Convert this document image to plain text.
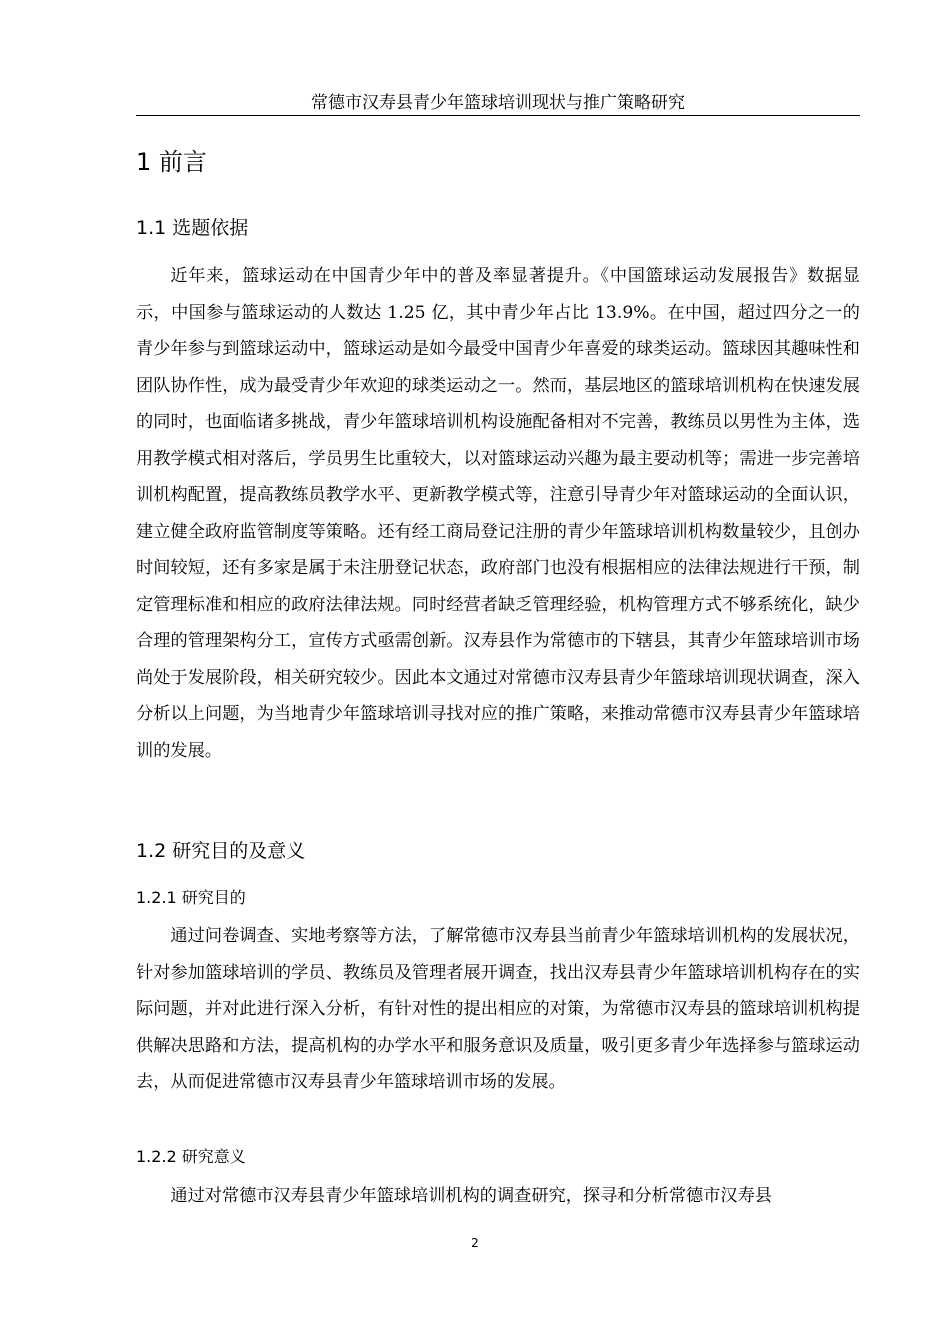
常德市汉寿县青少年篮球培训现状与推广策略研究
1 前言
1.1 选题依据

近年来，篮球运动在中国青少年中的普及率显著提升。《中国篮球运动发展报告》数据显示，中国参与篮球运动的人数达 1.25 亿，其中青少年占比 13.9%。在中国，超过四分之一的青少年参与到篮球运动中，篮球运动是如今最受中国青少年喜爱的球类运动。篮球因其趣味性和团队协作性，成为最受青少年欢迎的球类运动之一。然而，基层地区的篮球培训机构在快速发展的同时，也面临诸多挑战，青少年篮球培训机构设施配备相对不完善，教练员以男性为主体，选用教学模式相对落后，学员男生比重较大，以对篮球运动兴趣为最主要动机等；需进一步完善培训机构配置，提高教练员教学水平、更新教学模式等，注意引导青少年对篮球运动的全面认识，建立健全政府监管制度等策略。还有经工商局登记注册的青少年篮球培训机构数量较少，且创办时间较短，还有多家是属于未注册登记状态，政府部门也没有根据相应的法律法规进行干预，制定管理标准和相应的政府法律法规。同时经营者缺乏管理经验，机构管理方式不够系统化，缺少合理的管理架构分工，宣传方式亟需创新。汉寿县作为常德市的下辖县，其青少年篮球培训市场尚处于发展阶段，相关研究较少。因此本文通过对常德市汉寿县青少年篮球培训现状调查，深入分析以上问题，为当地青少年篮球培训寻找对应的推广策略，来推动常德市汉寿县青少年篮球培训的发展。

1.2 研究目的及意义
1.2.1 研究目的

通过问卷调查、实地考察等方法，了解常德市汉寿县当前青少年篮球培训机构的发展状况，针对参加篮球培训的学员、教练员及管理者展开调查，找出汉寿县青少年篮球培训机构存在的实际问题，并对此进行深入分析，有针对性的提出相应的对策，为常德市汉寿县的篮球培训机构提供解决思路和方法，提高机构的办学水平和服务意识及质量，吸引更多青少年选择参与篮球运动去，从而促进常德市汉寿县青少年篮球培训市场的发展。

1.2.2 研究意义

通过对常德市汉寿县青少年篮球培训机构的调查研究，探寻和分析常德市汉寿县

2
